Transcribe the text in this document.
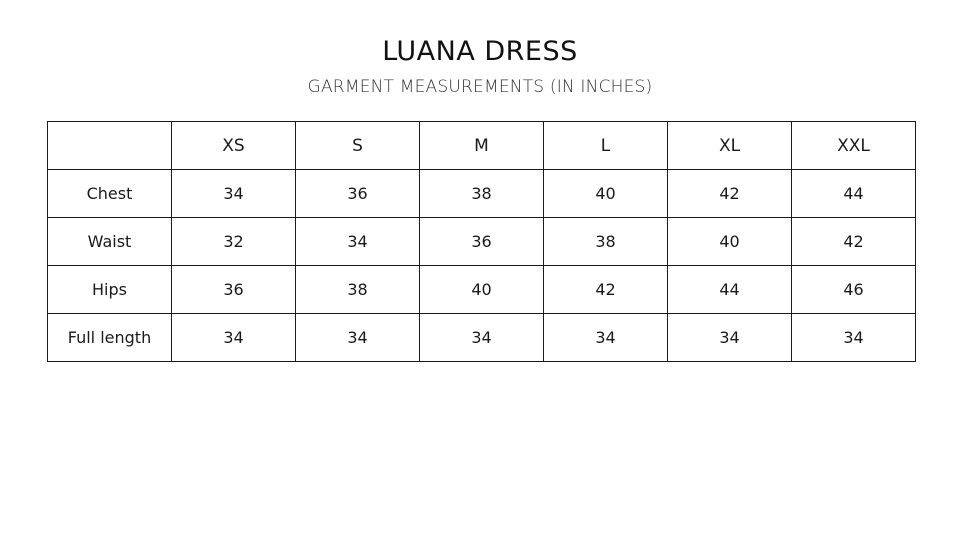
LUANA DRESS
GARMENT MEASUREMENTS (IN INCHES)
	XS	S	M	L	XL	XXL
Chest	34	36	38	40	42	44
Waist	32	34	36	38	40	42
Hips	36	38	40	42	44	46
Full length	34	34	34	34	34	34
